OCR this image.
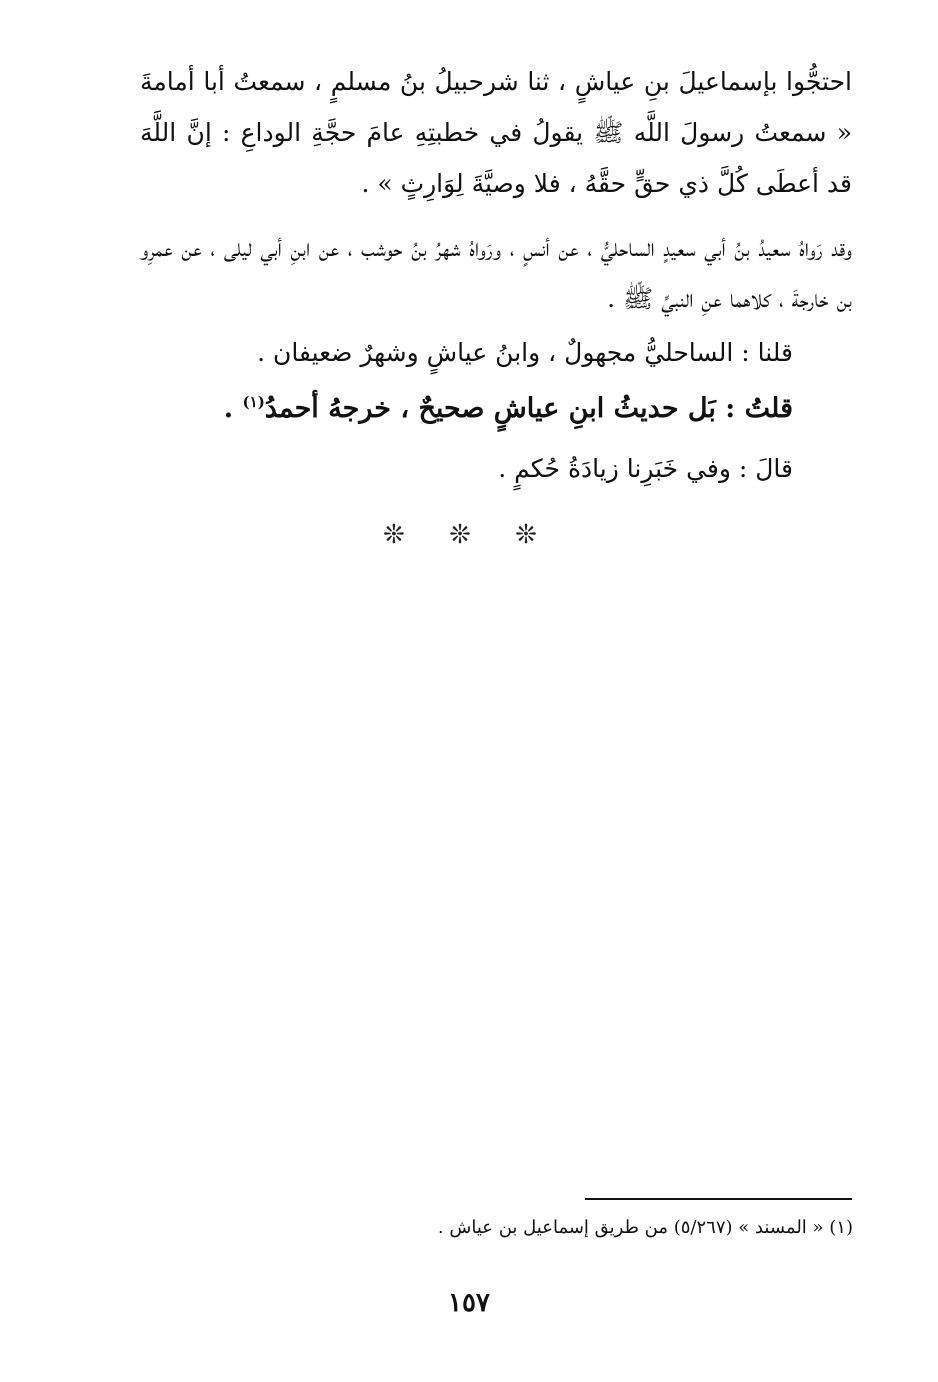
احتجُّوا بإسماعيلَ بنِ عياشٍ ، ثنا شرحبيلُ بنُ مسلمٍ ، سمعتُ أبا أمامةَ « سمعتُ رسولَ اللَّه ﷺ يقولُ في خطبتِهِ عامَ حجَّةِ الوداعِ : إنَّ اللَّهَ قد أعطَى كُلَّ ذي حقٍّ حقَّهُ ، فلا وصيَّةَ لِوَارِثٍ » .
وقد رَواهُ سعيدُ بنُ أبي سعيدٍ الساحليُّ ، عن أنسٍ ، ورَواهُ شهرُ بنُ حوشب ، عن ابنِ أبي ليلى ، عن عمرِو بن خارجةَ ، كلاهما عنِ النبيِّ ﷺ .
قلنا : الساحليُّ مجهولٌ ، وابنُ عياشٍ وشهرٌ ضعيفان .
قلتُ : بَل حديثُ ابنِ عياشٍ صحيحٌ ، خرجهُ أحمدُ$^{(١)}$ .
قالَ : وفي خَبَرِنا زيادَةُ حُكمٍ .
❊ ❊ ❊
(١) « المسند » (٥/٢٦٧) من طريق إسماعيل بن عياش .
١٥٧
